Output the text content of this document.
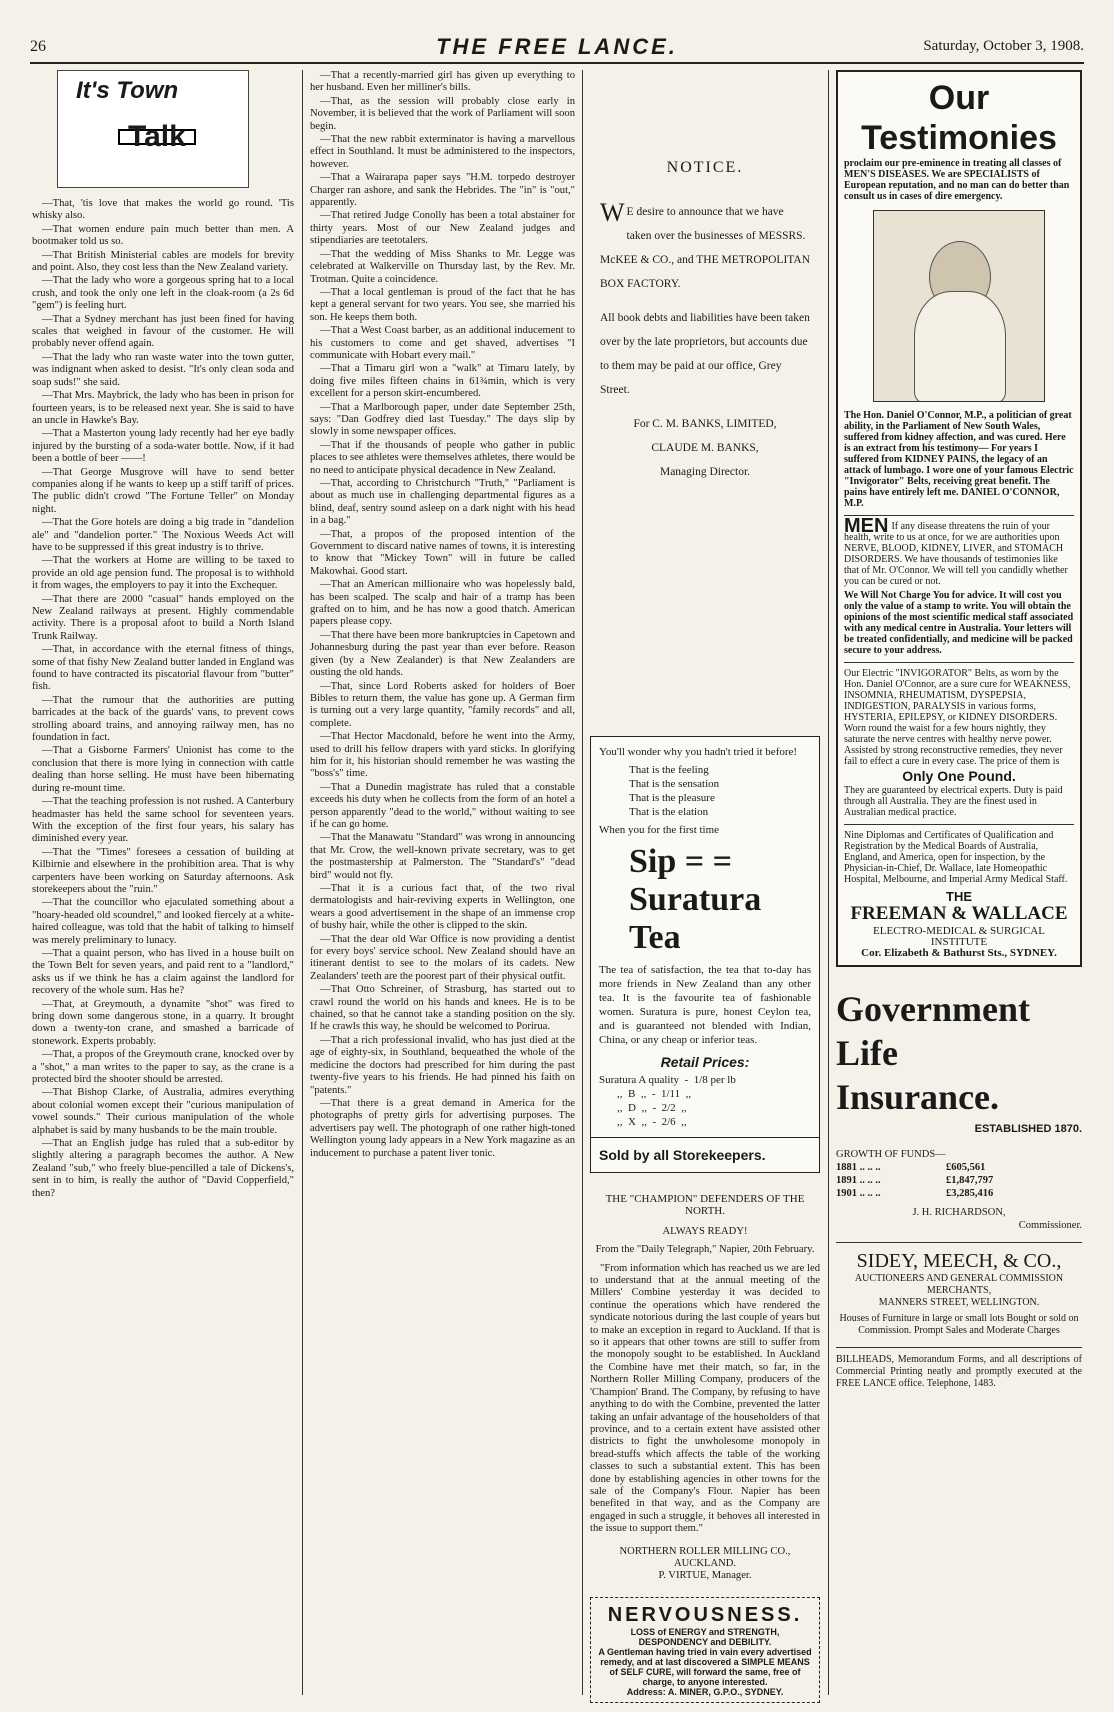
26	THE FREE LANCE.	Saturday, October 3, 1908.
It's Town
Talk

—That, 'tis love that makes the world go round. 'Tis whisky also.

—That women endure pain much better than men. A bootmaker told us so.

—That British Ministerial cables are models for brevity and point. Also, they cost less than the New Zealand variety.

—That the lady who wore a gorgeous spring hat to a local crush, and took the only one left in the cloak-room (a 2s 6d "gem") is feeling hurt.

—That a Sydney merchant has just been fined for having scales that weighed in favour of the customer. He will probably never offend again.

—That the lady who ran waste water into the town gutter, was indignant when asked to desist. "It's only clean soda and soap suds!" she said.

—That Mrs. Maybrick, the lady who has been in prison for fourteen years, is to be released next year. She is said to have an uncle in Hawke's Bay.

—That a Masterton young lady recently had her eye badly injured by the bursting of a soda-water bottle. Now, if it had been a bottle of beer ——!

—That George Musgrove will have to send better companies along if he wants to keep up a stiff tariff of prices. The public didn't crowd "The Fortune Teller" on Monday night.

—That the Gore hotels are doing a big trade in "dandelion ale" and "dandelion porter." The Noxious Weeds Act will have to be suppressed if this great industry is to thrive.

—That the workers at Home are willing to be taxed to provide an old age pension fund. The proposal is to withhold it from wages, the employers to pay it into the Exchequer.

—That there are 2000 "casual" hands employed on the New Zealand railways at present. Highly commendable activity. There is a proposal afoot to build a North Island Trunk Railway.

—That, in accordance with the eternal fitness of things, some of that fishy New Zealand butter landed in England was found to have contracted its piscatorial flavour from "butter" fish.

—That the rumour that the authorities are putting barricades at the back of the guards' vans, to prevent cows strolling aboard trains, and annoying railway men, has no foundation in fact.

—That a Gisborne Farmers' Unionist has come to the conclusion that there is more lying in connection with cattle dealing than horse selling. He must have been hibernating during re-mount time.

—That the teaching profession is not rushed. A Canterbury headmaster has held the same school for seventeen years. With the exception of the first four years, his salary has diminished every year.

—That the "Times" foresees a cessation of building at Kilbirnie and elsewhere in the prohibition area. That is why carpenters have been working on Saturday afternoons. Ask storekeepers about the "ruin."

—That the councillor who ejaculated something about a "hoary-headed old scoundrel," and looked fiercely at a white-haired colleague, was told that the habit of talking to himself was merely preliminary to lunacy.

—That a quaint person, who has lived in a house built on the Town Belt for seven years, and paid rent to a "landlord," asks us if we think he has a claim against the landlord for recovery of the whole sum. Has he?

—That, at Greymouth, a dynamite "shot" was fired to bring down some dangerous stone, in a quarry. It brought down a twenty-ton crane, and smashed a barricade of stonework. Experts probably.

—That, a propos of the Greymouth crane, knocked over by a "shot," a man writes to the paper to say, as the crane is a protected bird the shooter should be arrested.

—That Bishop Clarke, of Australia, admires everything about colonial women except their "curious manipulation of vowel sounds." Their curious manipulation of the whole alphabet is said by many husbands to be the main trouble.

—That an English judge has ruled that a sub-editor by slightly altering a paragraph becomes the author. A New Zealand "sub," who freely blue-pencilled a tale of Dickens's, sent in to him, is really the author of "David Copperfield," then?

—That a recently-married girl has given up everything to her husband. Even her milliner's bills.

—That, as the session will probably close early in November, it is believed that the work of Parliament will soon begin.

—That the new rabbit exterminator is having a marvellous effect in Southland. It must be administered to the inspectors, however.

—That a Wairarapa paper says "H.M. torpedo destroyer Charger ran ashore, and sank the Hebrides. The "in" is "out," apparently.

—That retired Judge Conolly has been a total abstainer for thirty years. Most of our New Zealand judges and stipendiaries are teetotalers.

—That the wedding of Miss Shanks to Mr. Legge was celebrated at Walkerville on Thursday last, by the Rev. Mr. Trotman. Quite a coincidence.

—That a local gentleman is proud of the fact that he has kept a general servant for two years. You see, she married his son. He keeps them both.

—That a West Coast barber, as an additional inducement to his customers to come and get shaved, advertises "I communicate with Hobart every mail."

—That a Timaru girl won a "walk" at Timaru lately, by doing five miles fifteen chains in 61¾min, which is very excellent for a person skirt-encumbered.

—That a Marlborough paper, under date September 25th, says: "Dan Godfrey died last Tuesday." The days slip by slowly in some newspaper offices.

—That if the thousands of people who gather in public places to see athletes were themselves athletes, there would be no need to anticipate physical decadence in New Zealand.

—That, according to Christchurch "Truth," "Parliament is about as much use in challenging departmental figures as a blind, deaf, sentry sound asleep on a dark night with his head in a bag."

—That, a propos of the proposed intention of the Government to discard native names of towns, it is interesting to know that "Mickey Town" will in future be called Makowhai. Good start.

—That an American millionaire who was hopelessly bald, has been scalped. The scalp and hair of a tramp has been grafted on to him, and he has now a good thatch. American papers please copy.

—That there have been more bankruptcies in Capetown and Johannesburg during the past year than ever before. Reason given (by a New Zealander) is that New Zealanders are ousting the old hands.

—That, since Lord Roberts asked for holders of Boer Bibles to return them, the value has gone up. A German firm is turning out a very large quantity, "family records" and all, complete.

—That Hector Macdonald, before he went into the Army, used to drill his fellow drapers with yard sticks. In glorifying him for it, his historian should remember he was wasting the "boss's" time.

—That a Dunedin magistrate has ruled that a constable exceeds his duty when he collects from the form of an hotel a person apparently "dead to the world," without waiting to see if he can go home.

—That the Manawatu "Standard" was wrong in announcing that Mr. Crow, the well-known private secretary, was to get the postmastership at Palmerston. The "Standard's" "dead bird" would not fly.

—That it is a curious fact that, of the two rival dermatologists and hair-reviving experts in Wellington, one wears a good advertisement in the shape of an immense crop of bushy hair, while the other is clipped to the skin.

—That the dear old War Office is now providing a dentist for every boys' service school. New Zealand should have an itinerant dentist to see to the molars of its cadets. New Zealanders' teeth are the poorest part of their physical outfit.

—That Otto Schreiner, of Strasburg, has started out to crawl round the world on his hands and knees. He is to be chained, so that he cannot take a standing position on the sly. If he crawls this way, he should be welcomed to Porirua.

—That a rich professional invalid, who has just died at the age of eighty-six, in Southland, bequeathed the whole of the medicine the doctors had prescribed for him during the past twenty-five years to his friends. He had pinned his faith on "patents."

—That there is a great demand in America for the photographs of pretty girls for advertising purposes. The advertisers pay well. The photograph of one rather high-toned Wellington young lady appears in a New York magazine as an inducement to purchase a patent liver tonic.

NOTICE.

W E desire to announce that we have taken over the businesses of MESSRS. McKEE & CO., and THE METROPOLITAN BOX FACTORY.

All book debts and liabilities have been taken over by the late proprietors, but accounts due to them may be paid at our office, Grey Street.

For C. M. BANKS, LIMITED,
CLAUDE M. BANKS,
Managing Director.
You'll wonder why you hadn't tried it before!
That is the feeling
That is the sensation
That is the pleasure
That is the elation
When you for the first time
Sip = =
Suratura
Tea
The tea of satisfaction, the tea that to-day has more friends in New Zealand than any other tea. It is the favourite tea of fashionable women. Suratura is pure, honest Ceylon tea, and is guaranteed not blended with Indian, China, or any cheap or inferior teas.
Retail Prices:
Suratura A quality  -  1/8 per lb
,,  B  ,,  -  1/11  ,,
,,  D  ,,  -  2/2  ,,
,,  X  ,,  -  2/6  ,,
Sold by all Storekeepers.
THE "CHAMPION" DEFENDERS OF THE NORTH.
ALWAYS READY!
From the "Daily Telegraph," Napier, 20th February.
"From information which has reached us we are led to understand that at the annual meeting of the Millers' Combine yesterday it was decided to continue the operations which have rendered the syndicate notorious during the last couple of years but to make an exception in regard to Auckland. If that is so it appears that other towns are still to suffer from the monopoly sought to be established. In Auckland the Combine have met their match, so far, in the Northern Roller Milling Company, producers of the 'Champion' Brand. The Company, by refusing to have anything to do with the Combine, prevented the latter taking an unfair advantage of the householders of that province, and to a certain extent have assisted other districts to fight the unwholesome monopoly in bread-stuffs which affects the table of the working classes to such a substantial extent. This has been done by establishing agencies in other towns for the sale of the Company's Flour. Napier has been benefited in that way, and as the Company are engaged in such a struggle, it behoves all interested in the issue to support them."
NORTHERN ROLLER MILLING CO., AUCKLAND.
P. VIRTUE, Manager.
NERVOUSNESS.
LOSS of ENERGY and STRENGTH, DESPONDENCY and DEBILITY.
A Gentleman having tried in vain every advertised remedy, and at last discovered a SIMPLE MEANS of SELF CURE, will forward the same, free of charge, to anyone interested.
Address: A. MINER, G.P.O., SYDNEY.
Our Testimonies
proclaim our pre-eminence in treating all classes of MEN'S DISEASES. We are SPECIALISTS of European reputation, and no man can do better than consult us in cases of dire emergency.
The Hon. Daniel O'Connor, M.P., a politician of great ability, in the Parliament of New South Wales, suffered from kidney affection, and was cured. Here is an extract from his testimony— For years I suffered from KIDNEY PAINS, the legacy of an attack of lumbago. I wore one of your famous Electric "Invigorator" Belts, receiving great benefit. The pains have entirely left me. DANIEL O'CONNOR, M.P.
MEN If any disease threatens the ruin of your health, write to us at once, for we are authorities upon NERVE, BLOOD, KIDNEY, LIVER, and STOMACH DISORDERS. We have thousands of testimonies like that of Mr. O'Connor. We will tell you candidly whether you can be cured or not.
We Will Not Charge You for advice. It will cost you only the value of a stamp to write. You will obtain the opinions of the most scientific medical staff associated with any medical centre in Australia. Your letters will be treated confidentially, and medicine will be packed secure to your address.
Our Electric "INVIGORATOR" Belts, as worn by the Hon. Daniel O'Connor, are a sure cure for WEAKNESS, INSOMNIA, RHEUMATISM, DYSPEPSIA, INDIGESTION, PARALYSIS in various forms, HYSTERIA, EPILEPSY, or KIDNEY DISORDERS. Worn round the waist for a few hours nightly, they saturate the nerve centres with healthy nerve power. Assisted by strong reconstructive remedies, they never fail to effect a cure in every case. The price of them is
Only One Pound.
They are guaranteed by electrical experts. Duty is paid through all Australia. They are the finest used in Australian medical practice.
Nine Diplomas and Certificates of Qualification and Registration by the Medical Boards of Australia, England, and America, open for inspection, by the Physician-in-Chief, Dr. Wallace, late Homeopathic Hospital, Melbourne, and Imperial Army Medical Staff.
THE
FREEMAN & WALLACE
ELECTRO-MEDICAL & SURGICAL INSTITUTE
Cor. Elizabeth & Bathurst Sts., SYDNEY.
Government
Life
Insurance.
ESTABLISHED 1870.
GROWTH OF FUNDS—
1881 .. .. ..	£605,561
1891 .. .. ..	£1,847,797
1901 .. .. ..	£3,285,416
J. H. RICHARDSON,
Commissioner.
SIDEY, MEECH, & CO.,
AUCTIONEERS AND GENERAL COMMISSION MERCHANTS,
MANNERS STREET, WELLINGTON.
Houses of Furniture in large or small lots Bought or sold on Commission. Prompt Sales and Moderate Charges
BILLHEADS, Memorandum Forms, and all descriptions of Commercial Printing neatly and promptly executed at the FREE LANCE office. Telephone, 1483.
